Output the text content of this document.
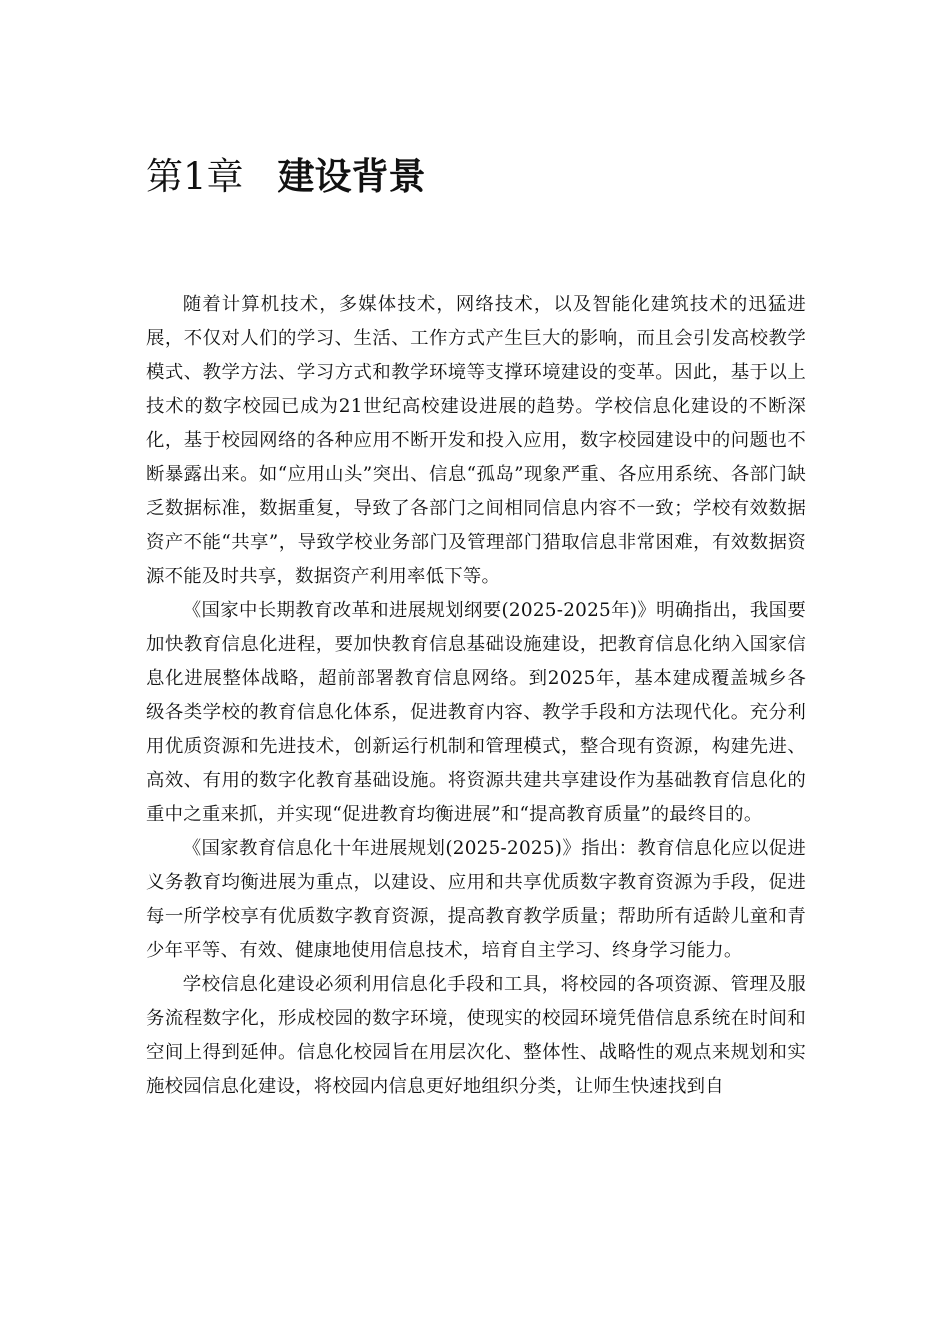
第1章 建设背景

随着计算机技术，多媒体技术，网络技术，以及智能化建筑技术的迅猛进展，不仅对人们的学习、生活、工作方式产生巨大的影响，而且会引发高校教学模式、教学方法、学习方式和教学环境等支撑环境建设的变革。因此，基于以上技术的数字校园已成为21世纪高校建设进展的趋势。学校信息化建设的不断深化，基于校园网络的各种应用不断开发和投入应用，数字校园建设中的问题也不断暴露出来。如“应用山头”突出、信息“孤岛”现象严重、各应用系统、各部门缺乏数据标准，数据重复，导致了各部门之间相同信息内容不一致；学校有效数据资产不能“共享”，导致学校业务部门及管理部门猎取信息非常困难，有效数据资源不能及时共享，数据资产利用率低下等。

《国家中长期教育改革和进展规划纲要(2025-2025年)》明确指出，我国要加快教育信息化进程，要加快教育信息基础设施建设，把教育信息化纳入国家信息化进展整体战略，超前部署教育信息网络。到2025年，基本建成覆盖城乡各级各类学校的教育信息化体系，促进教育内容、教学手段和方法现代化。充分利用优质资源和先进技术，创新运行机制和管理模式，整合现有资源，构建先进、高效、有用的数字化教育基础设施。将资源共建共享建设作为基础教育信息化的重中之重来抓，并实现“促进教育均衡进展”和“提高教育质量”的最终目的。

《国家教育信息化十年进展规划(2025-2025)》指出：教育信息化应以促进义务教育均衡进展为重点，以建设、应用和共享优质数字教育资源为手段，促进每一所学校享有优质数字教育资源，提高教育教学质量；帮助所有适龄儿童和青少年平等、有效、健康地使用信息技术，培育自主学习、终身学习能力。

学校信息化建设必须利用信息化手段和工具，将校园的各项资源、管理及服务流程数字化，形成校园的数字环境，使现实的校园环境凭借信息系统在时间和空间上得到延伸。信息化校园旨在用层次化、整体性、战略性的观点来规划和实施校园信息化建设，将校园内信息更好地组织分类，让师生快速找到自
